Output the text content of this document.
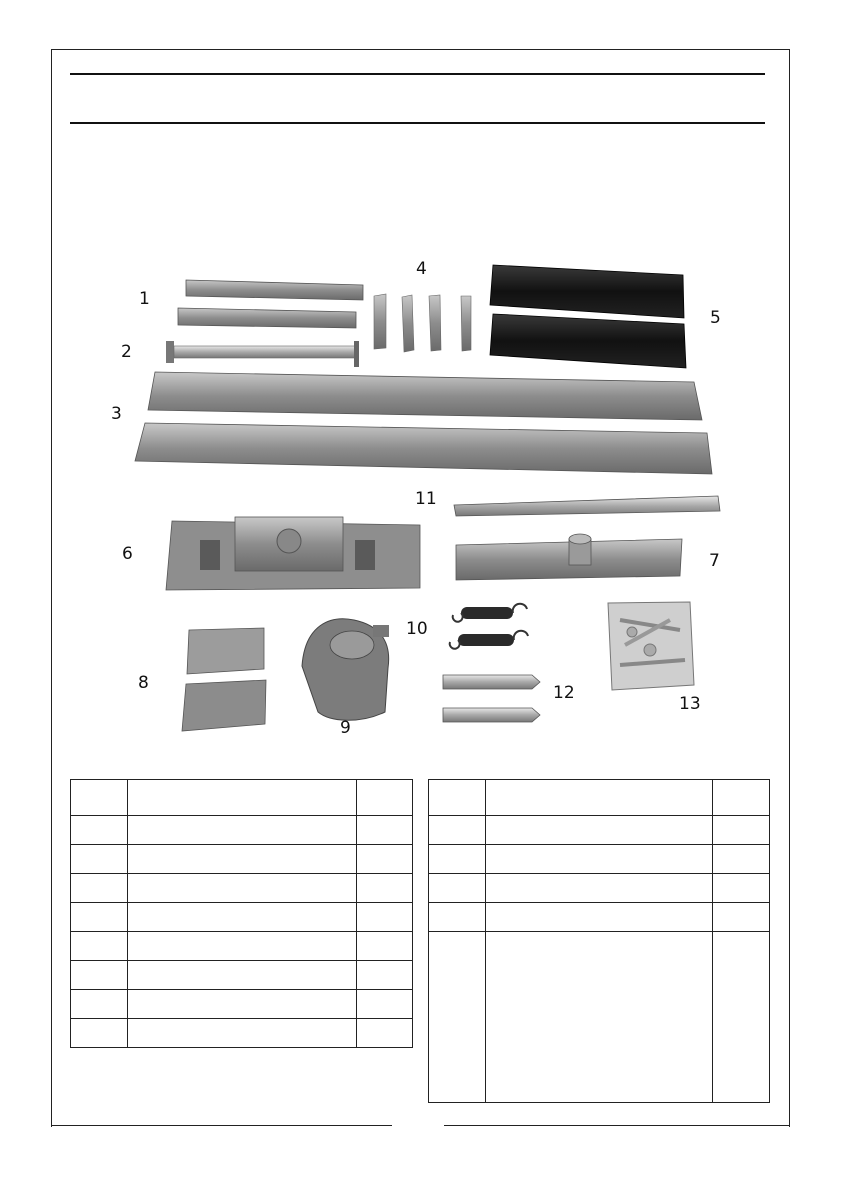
1
2
3
4
5
6	7
8
9
10
11
12
13
